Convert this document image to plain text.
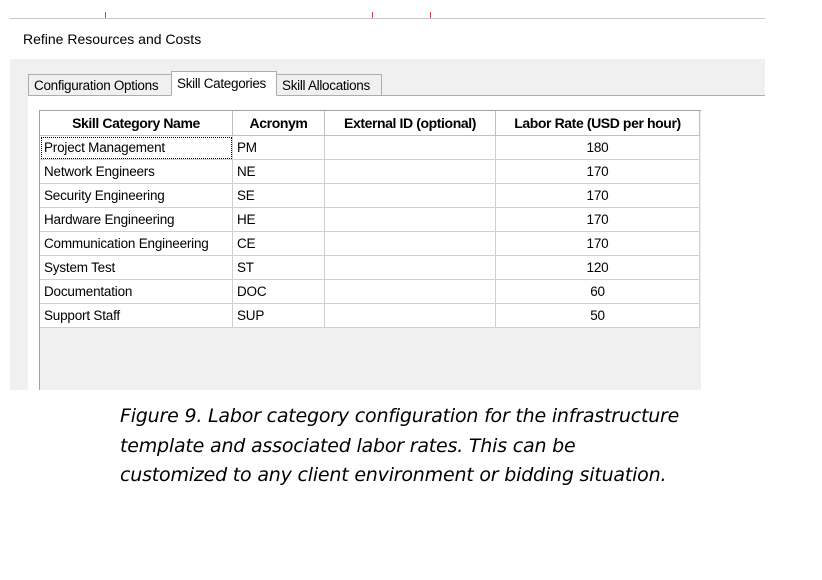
Refine Resources and Costs
Configuration Options	Skill Categories	Skill Allocations
Skill Category Name	Acronym	External ID (optional)	Labor Rate (USD per hour)
Project Management	PM		180
Network Engineers	NE		170
Security Engineering	SE		170
Hardware Engineering	HE		170
Communication Engineering	CE		170
System Test	ST		120
Documentation	DOC		60
Support Staff	SUP		50
Figure 9. Labor category configuration for the infrastructure template and associated labor rates. This can be customized to any client environment or bidding situation.
